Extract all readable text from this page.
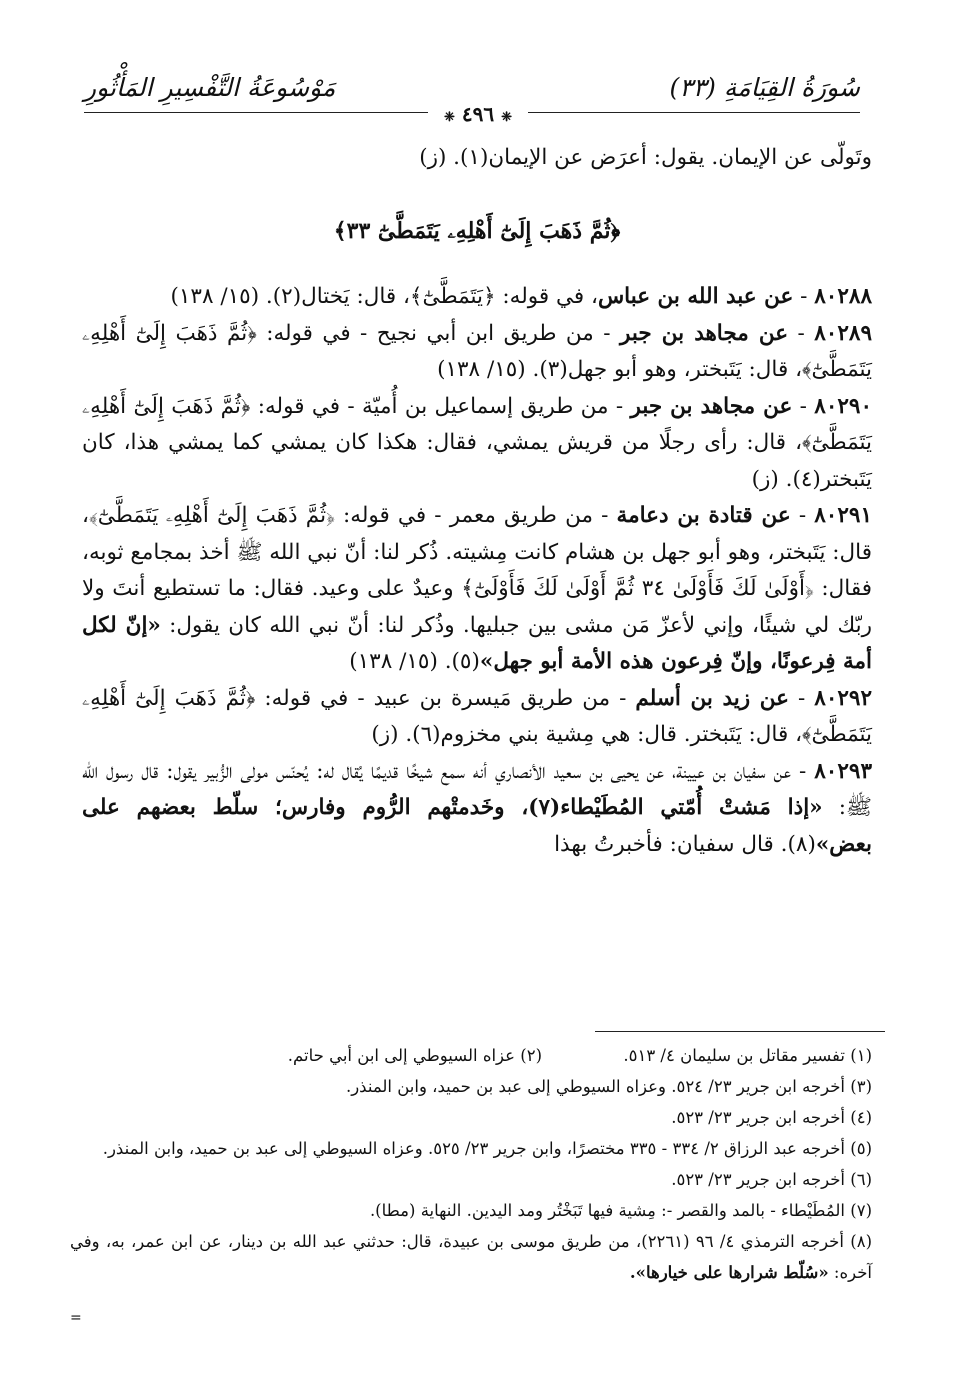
سُورَةُ القِيَامَةِ (٣٣)
مَوْسُوعَةُ التَّفْسِيرِ المَأْثُورِ
❈ ٤٩٦ ❈

وتَولّى عن الإيمان. يقول: أعرَض عن الإيمان(١). (ز)

﴿ثُمَّ ذَهَبَ إِلَىٰٓ أَهْلِهِۦ يَتَمَطَّىٰٓ ٣٣﴾

٨٠٢٨٨ - عن عبد الله بن عباس، في قوله: ﴿يَتَمَطَّىٰٓ﴾، قال: يَختال(٢). (١٥/ ١٣٨)

٨٠٢٨٩ - عن مجاهد بن جبر - من طريق ابن أبي نجيح - في قوله: ﴿ثُمَّ ذَهَبَ إِلَىٰٓ أَهْلِهِۦ يَتَمَطَّىٰٓ﴾، قال: يَتَبختر، وهو أبو جهل(٣). (١٥/ ١٣٨)

٨٠٢٩٠ - عن مجاهد بن جبر - من طريق إسماعيل بن أُميّة - في قوله: ﴿ثُمَّ ذَهَبَ إِلَىٰٓ أَهْلِهِۦ يَتَمَطَّىٰٓ﴾، قال: رأى رجلًا من قريش يمشي، فقال: هكذا كان يمشي كما يمشي هذا، كان يَتَبختر(٤). (ز)

٨٠٢٩١ - عن قتادة بن دعامة - من طريق معمر - في قوله: ﴿ثُمَّ ذَهَبَ إِلَىٰٓ أَهْلِهِۦ يَتَمَطَّىٰٓ﴾، قال: يَتَبختر، وهو أبو جهل بن هشام كانت مِشيته. ذُكر لنا: أنّ نبي الله ﷺ أخذ بمجامع ثوبه، فقال: ﴿أَوْلَىٰ لَكَ فَأَوْلَىٰ ٣٤ ثُمَّ أَوْلَىٰ لَكَ فَأَوْلَىٰٓ﴾ وعيدٌ على وعيد. فقال: ما تستطيع أنتَ ولا ربّك لي شيئًا، وإني لأعزّ مَن مشى بين جبليها. وذُكر لنا: أنّ نبي الله كان يقول: «إنّ لكل أمة فِرعونًا، وإنّ فِرعون هذه الأمة أبو جهل»(٥). (١٥/ ١٣٨)

٨٠٢٩٢ - عن زيد بن أسلم - من طريق مَيسرة بن عبيد - في قوله: ﴿ثُمَّ ذَهَبَ إِلَىٰٓ أَهْلِهِۦ يَتَمَطَّىٰٓ﴾، قال: يَتَبختر. قال: هي مِشية بني مخزوم(٦). (ز)

٨٠٢٩٣ - عن سفيان بن عيينة، عن يحيى بن سعيد الأنصاري أنه سمع شيخًا قديمًا يُقال له: يُحنّس مولى الزُّبير يقول: قال رسول الله ﷺ: «إذا مَشتْ أُمّتي المُطَيْطاء(٧)، وخَدمتْهم الرُّوم وفارس؛ سلّط بعضهم على بعض»(٨). قال سفيان: فأخبرتُ بهذا

(١) تفسير مقاتل بن سليمان ٤/ ٥١٣.

(٢) عزاه السيوطي إلى ابن أبي حاتم.

(٣) أخرجه ابن جرير ٢٣/ ٥٢٤. وعزاه السيوطي إلى عبد بن حميد، وابن المنذر.

(٤) أخرجه ابن جرير ٢٣/ ٥٢٣.

(٥) أخرجه عبد الرزاق ٢/ ٣٣٤ - ٣٣٥ مختصرًا، وابن جرير ٢٣/ ٥٢٥. وعزاه السيوطي إلى عبد بن حميد، وابن المنذر.

(٦) أخرجه ابن جرير ٢٣/ ٥٢٣.

(٧) المُطَيْطاء - بالمد والقصر -: مِشية فيها تَبَخْتُر ومد اليدين. النهاية (مطا).

(٨) أخرجه الترمذي ٤/ ٩٦ (٢٢٦١)، من طريق موسى بن عبيدة، قال: حدثني عبد الله بن دينار، عن ابن عمر، به، وفي آخره: «سُلّط شرارها على خيارها».

=
